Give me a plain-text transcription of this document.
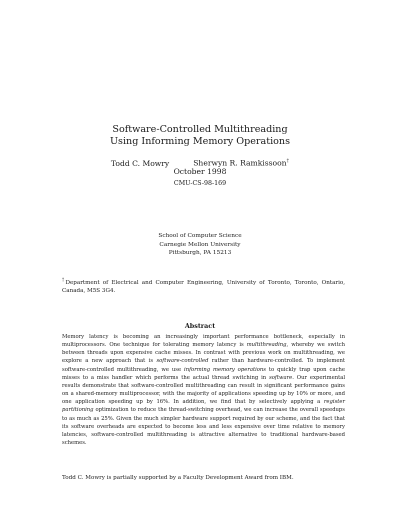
Software-Controlled Multithreading
Using Informing Memory Operations
Todd C. Mowry	Sherwyn R. Ramkissoon†
October 1998
CMU-CS-98-169
School of Computer Science
Carnegie Mellon University
Pittsburgh, PA 15213
†Department of Electrical and Computer Engineering, University of Toronto, Toronto, Ontario, Canada, M5S 3G4.
Abstract
Memory latency is becoming an increasingly important performance bottleneck, especially in multiprocessors. One technique for tolerating memory latency is multithreading, whereby we switch between threads upon expensive cache misses. In contrast with previous work on multithreading, we explore a new approach that is software-controlled rather than hardware-controlled. To implement software-controlled multithreading, we use informing memory operations to quickly trap upon cache misses to a miss handler which performs the actual thread switching in software. Our experimental results demonstrate that software-controlled multithreading can result in significant performance gains on a shared-memory multiprocessor, with the majority of applications speeding up by 10% or more, and one application speeding up by 16%. In addition, we find that by selectively applying a register partitioning optimization to reduce the thread-switching overhead, we can increase the overall speedups to as much as 25%. Given the much simpler hardware support required by our scheme, and the fact that its software overheads are expected to become less and less expensive over time relative to memory latencies, software-controlled multithreading is attractive alternative to traditional hardware-based schemes.
Todd C. Mowry is partially supported by a Faculty Development Award from IBM.
